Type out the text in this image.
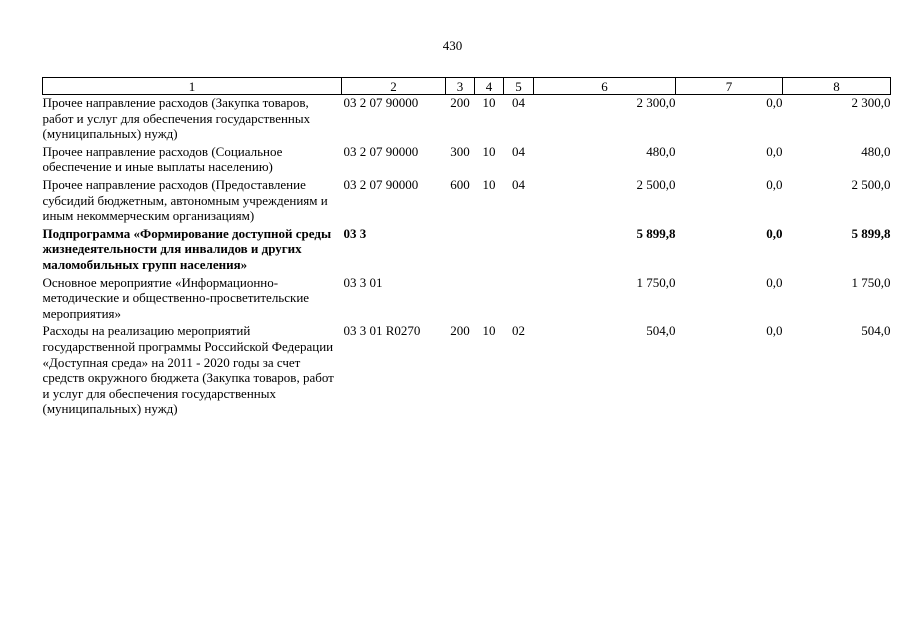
430
1	2	3	4	5	6	7	8
Прочее направление расходов (Закупка товаров, работ и услуг для обеспечения государственных (муниципальных) нужд)	03 2 07 90000	200	10	04	2 300,0	0,0	2 300,0
Прочее направление расходов (Социальное обеспечение и иные выплаты населению)	03 2 07 90000	300	10	04	480,0	0,0	480,0
Прочее направление расходов (Предоставление субсидий бюджетным, автономным учреждениям и иным некоммерческим организациям)	03 2 07 90000	600	10	04	2 500,0	0,0	2 500,0
Подпрограмма «Формирование доступной среды жизнедеятельности для инвалидов и других маломобильных групп населения»	03 3				5 899,8	0,0	5 899,8
Основное мероприятие «Информационно-методические и общественно-просветительские мероприятия»	03 3 01				1 750,0	0,0	1 750,0
Расходы на реализацию мероприятий государственной программы Российской Федерации «Доступная среда» на 2011 - 2020 годы за счет средств окружного бюджета (Закупка товаров, работ и услуг для обеспечения государственных (муниципальных) нужд)	03 3 01 R0270	200	10	02	504,0	0,0	504,0
